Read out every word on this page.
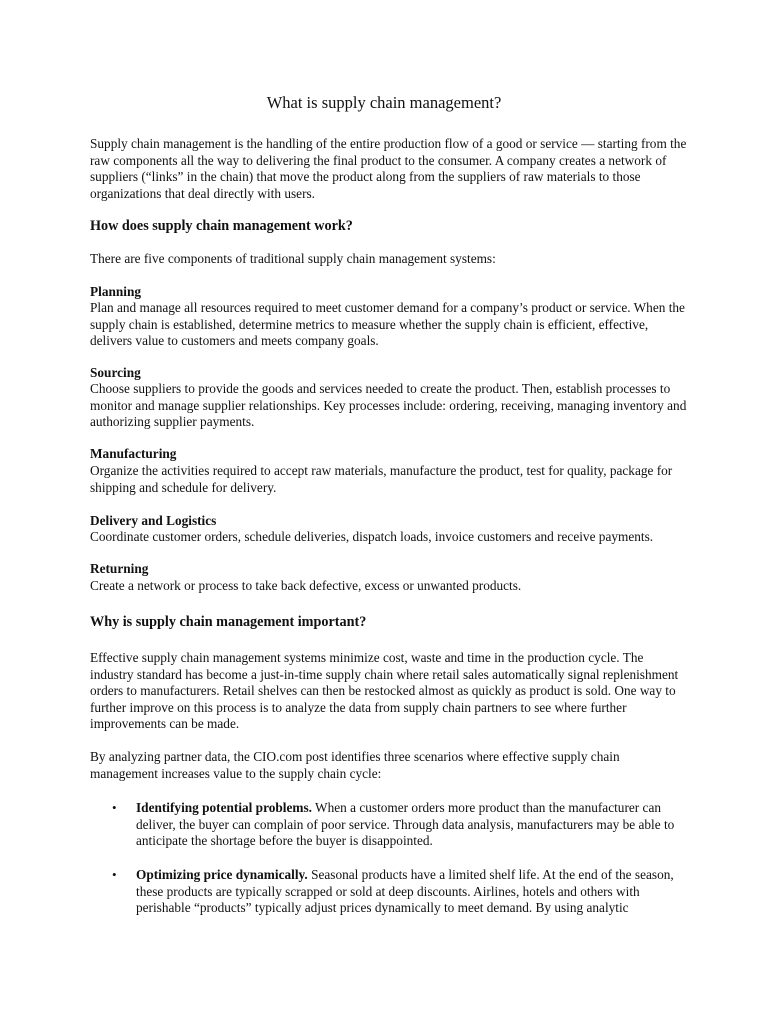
What is supply chain management?

Supply chain management is the handling of the entire production flow of a good or service — starting from the raw components all the way to delivering the final product to the consumer. A company creates a network of suppliers (“links” in the chain) that move the product along from the suppliers of raw materials to those organizations that deal directly with users.

How does supply chain management work?

There are five components of traditional supply chain management systems:

Planning

Plan and manage all resources required to meet customer demand for a company’s product or service. When the supply chain is established, determine metrics to measure whether the supply chain is efficient, effective, delivers value to customers and meets company goals.

Sourcing

Choose suppliers to provide the goods and services needed to create the product. Then, establish processes to monitor and manage supplier relationships. Key processes include: ordering, receiving, managing inventory and authorizing supplier payments.

Manufacturing

Organize the activities required to accept raw materials, manufacture the product, test for quality, package for shipping and schedule for delivery.

Delivery and Logistics

Coordinate customer orders, schedule deliveries, dispatch loads, invoice customers and receive payments.

Returning

Create a network or process to take back defective, excess or unwanted products.

Why is supply chain management important?

Effective supply chain management systems minimize cost, waste and time in the production cycle. The industry standard has become a just-in-time supply chain where retail sales automatically signal replenishment orders to manufacturers. Retail shelves can then be restocked almost as quickly as product is sold. One way to further improve on this process is to analyze the data from supply chain partners to see where further improvements can be made.

By analyzing partner data, the CIO.com post identifies three scenarios where effective supply chain management increases value to the supply chain cycle:

• Identifying potential problems. When a customer orders more product than the manufacturer can deliver, the buyer can complain of poor service. Through data analysis, manufacturers may be able to anticipate the shortage before the buyer is disappointed.
• Optimizing price dynamically. Seasonal products have a limited shelf life. At the end of the season, these products are typically scrapped or sold at deep discounts. Airlines, hotels and others with perishable “products” typically adjust prices dynamically to meet demand. By using analytic
